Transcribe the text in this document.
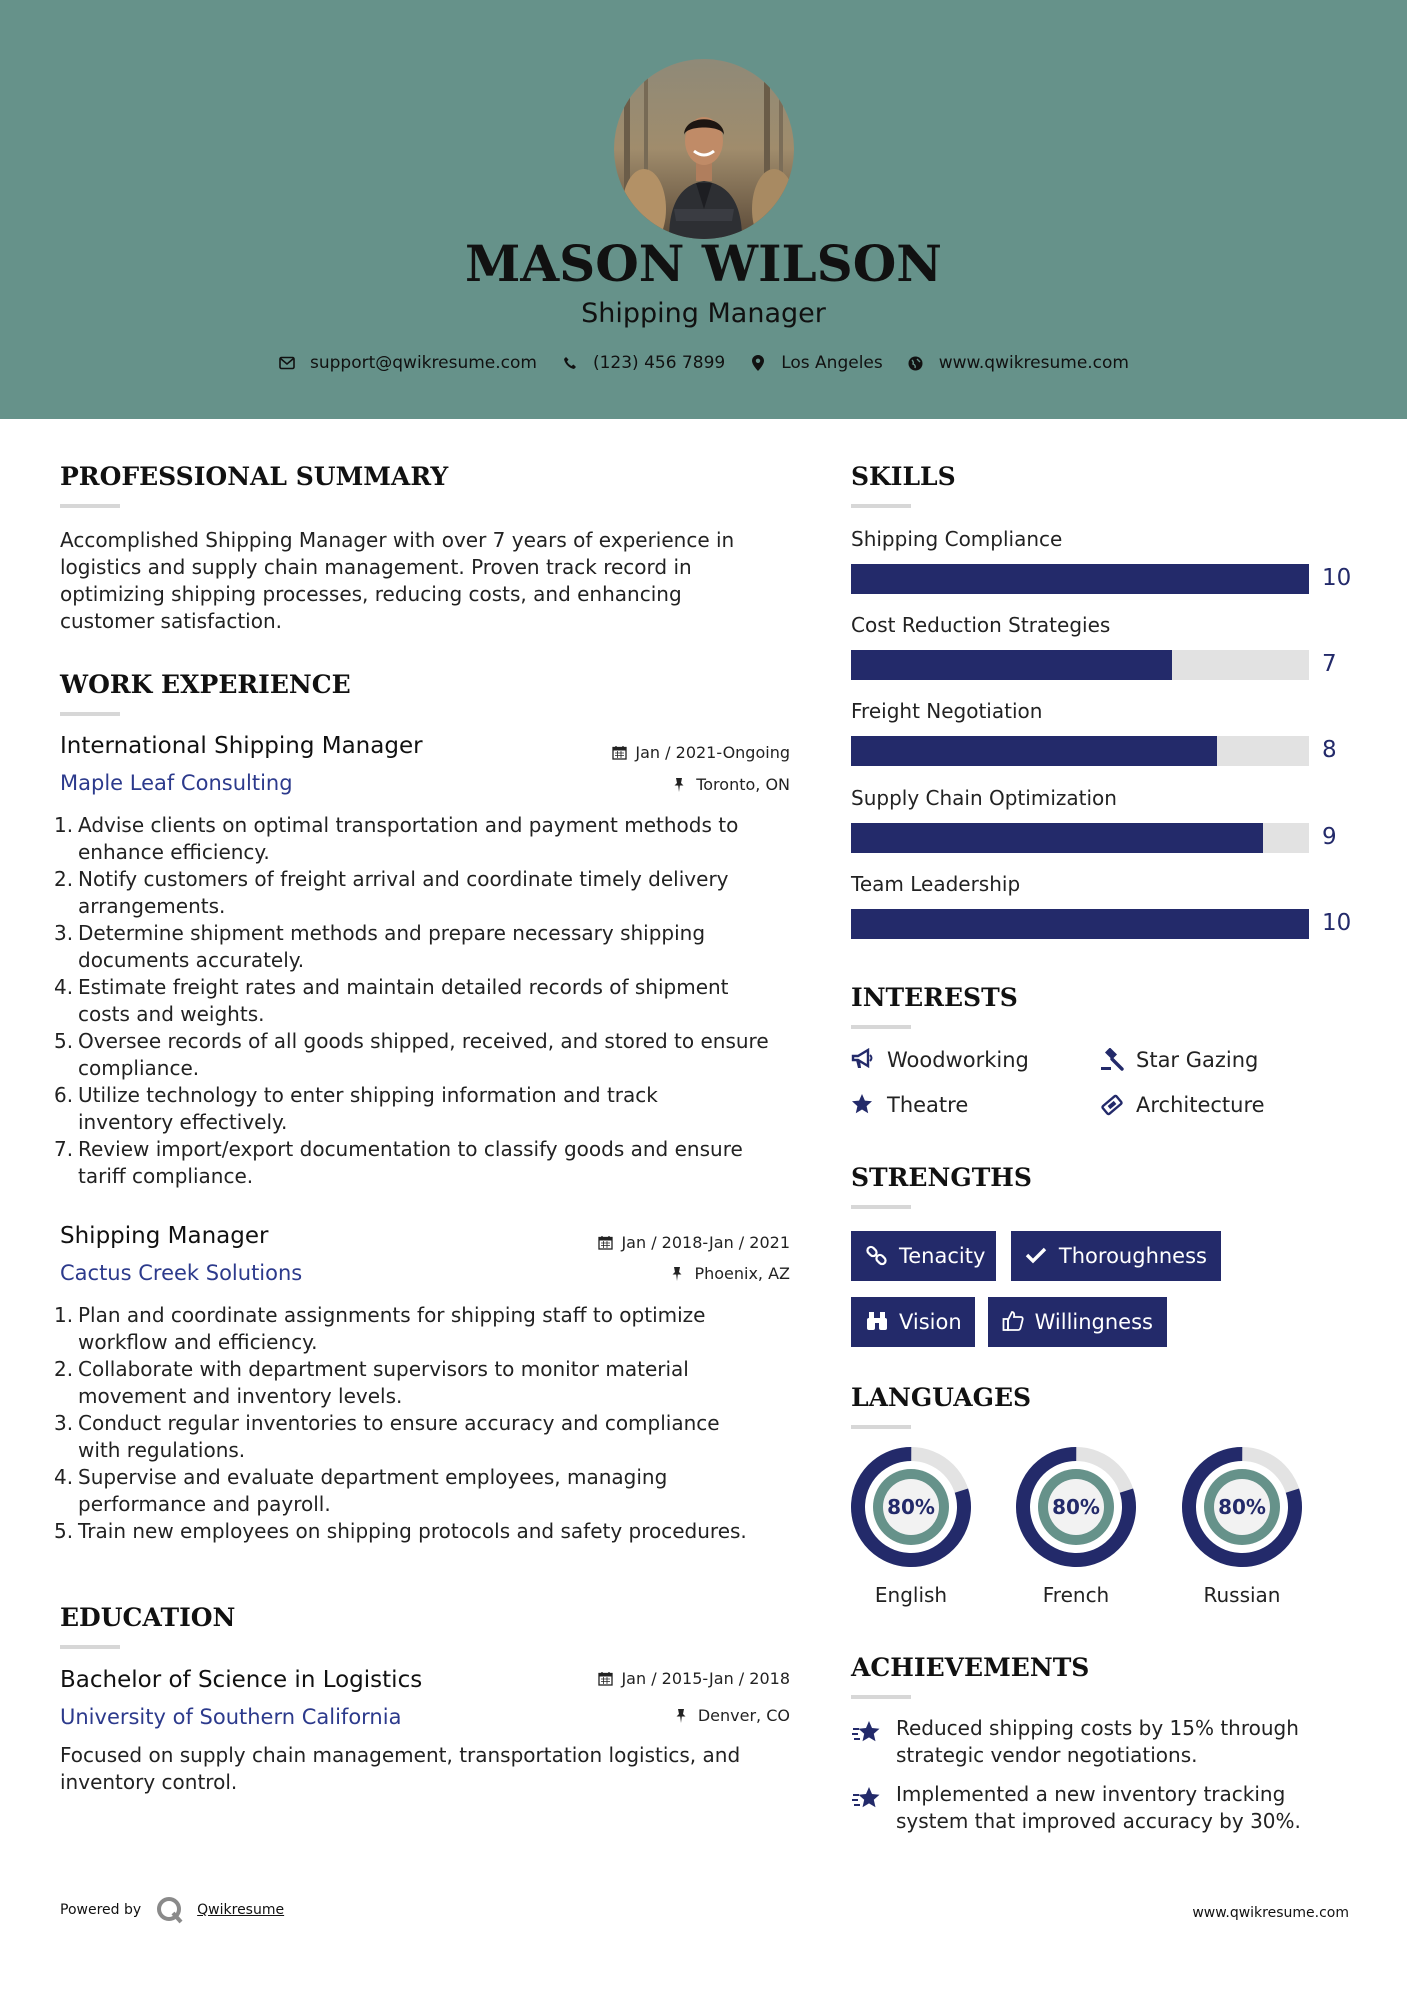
MASON WILSON
Shipping Manager
support@qwikresume.com	(123) 456 7899	Los Angeles	www.qwikresume.com
PROFESSIONAL SUMMARY
Accomplished Shipping Manager with over 7 years of experience in
logistics and supply chain management. Proven track record in
optimizing shipping processes, reducing costs, and enhancing
customer satisfaction.
WORK EXPERIENCE
International Shipping Manager
Maple Leaf Consulting
Jan / 2021-Ongoing
Toronto, ON
1. Advise clients on optimal transportation and payment methods to
enhance efficiency.
2. Notify customers of freight arrival and coordinate timely delivery
arrangements.
3. Determine shipment methods and prepare necessary shipping
documents accurately.
4. Estimate freight rates and maintain detailed records of shipment
costs and weights.
5. Oversee records of all goods shipped, received, and stored to ensure
compliance.
6. Utilize technology to enter shipping information and track
inventory effectively.
7. Review import/export documentation to classify goods and ensure
tariff compliance.
Shipping Manager
Cactus Creek Solutions
Jan / 2018-Jan / 2021
Phoenix, AZ
1. Plan and coordinate assignments for shipping staff to optimize
workflow and efficiency.
2. Collaborate with department supervisors to monitor material
movement and inventory levels.
3. Conduct regular inventories to ensure accuracy and compliance
with regulations.
4. Supervise and evaluate department employees, managing
performance and payroll.
5. Train new employees on shipping protocols and safety procedures.
EDUCATION
Bachelor of Science in Logistics
University of Southern California
Jan / 2015-Jan / 2018
Denver, CO
Focused on supply chain management, transportation logistics, and
inventory control.
SKILLS
Shipping Compliance
10
Cost Reduction Strategies
7
Freight Negotiation
8
Supply Chain Optimization
9
Team Leadership
10
INTERESTS
Woodworking	Star Gazing
Theatre	Architecture
STRENGTHS
Tenacity	Thoroughness
Vision	Willingness
LANGUAGES
80%
English
80%
French
80%
Russian
ACHIEVEMENTS
Reduced shipping costs by 15% through
strategic vendor negotiations.
Implemented a new inventory tracking
system that improved accuracy by 30%.
Powered by	Qwikresume	www.qwikresume.com
